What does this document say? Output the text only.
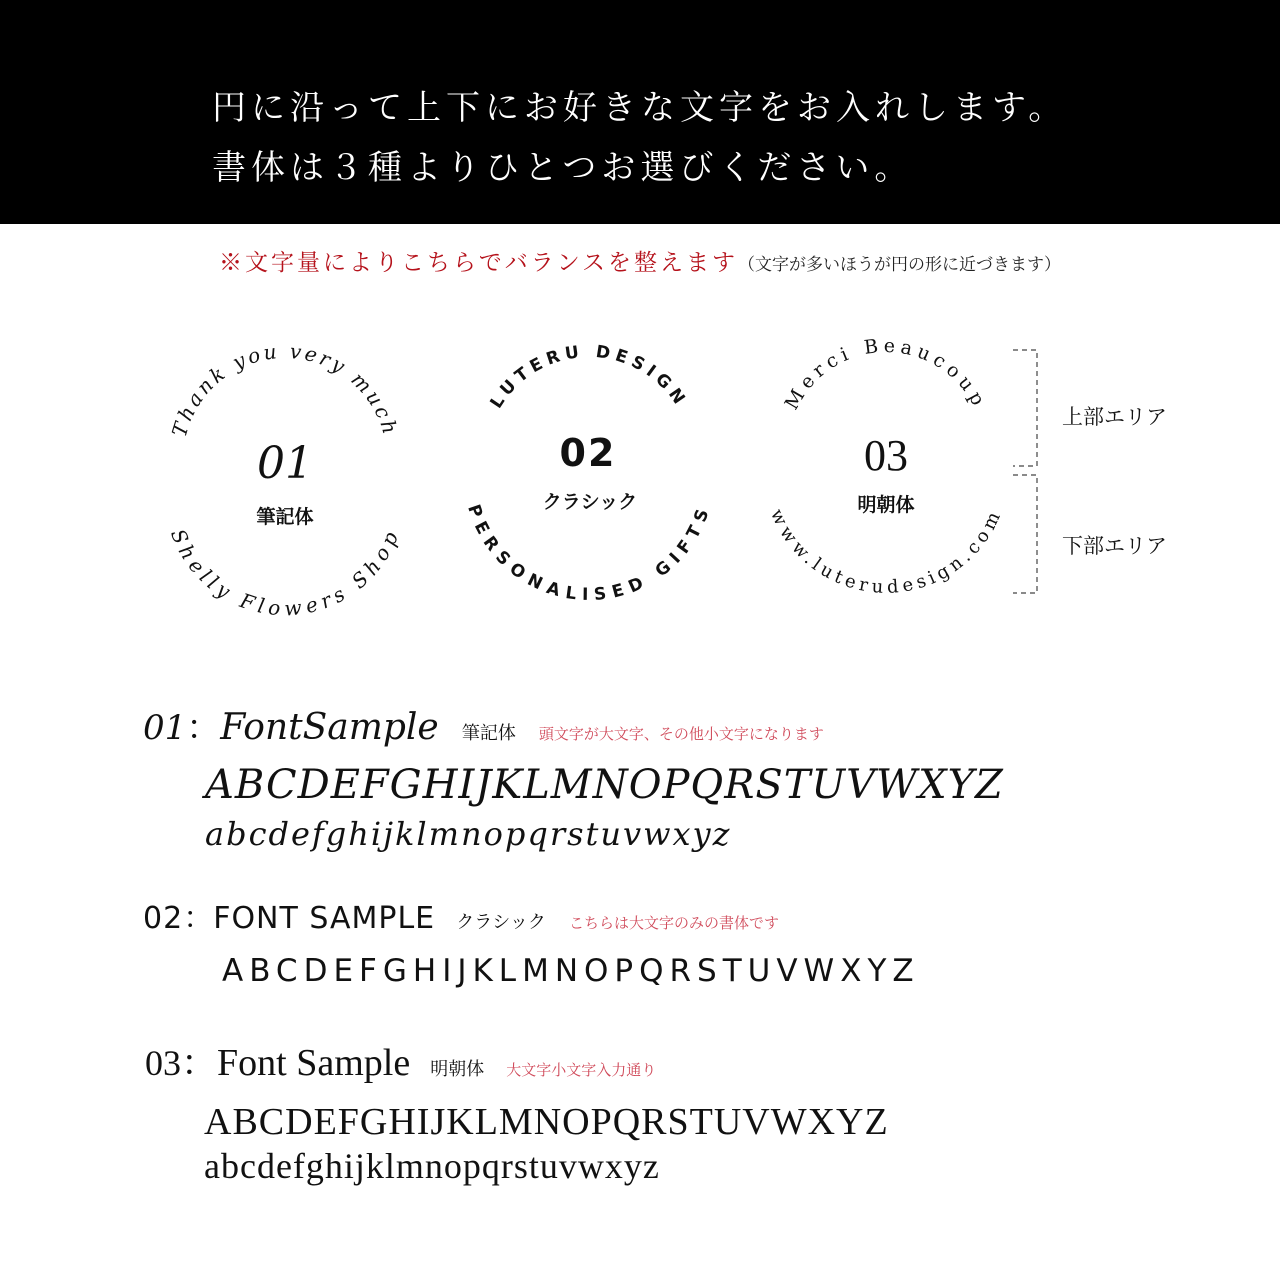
円に沿って上下にお好きな文字をお入れします。
書体は３種よりひとつお選びください。
※文字量によりこちらでバランスを整えます（文字が多いほうが円の形に近づきます）
Thank you very much
Shelly Flowers Shop
01
筆記体
LUTERU DESIGN
PERSONALISED GIFTS
02
クラシック
Merci Beaucoup
www.luterudesign.com
03
明朝体
上部エリア
下部エリア
01：FontSample 筆記体 頭文字が大文字、その他小文字になります
ABCDEFGHIJKLMNOPQRSTUVWXYZ
abcdefghijklmnopqrstuvwxyz
02：FONT SAMPLE クラシック こちらは大文字のみの書体です
ABCDEFGHIJKLMNOPQRSTUVWXYZ
03：Font Sample 明朝体 大文字小文字入力通り
ABCDEFGHIJKLMNOPQRSTUVWXYZ
abcdefghijklmnopqrstuvwxyz
